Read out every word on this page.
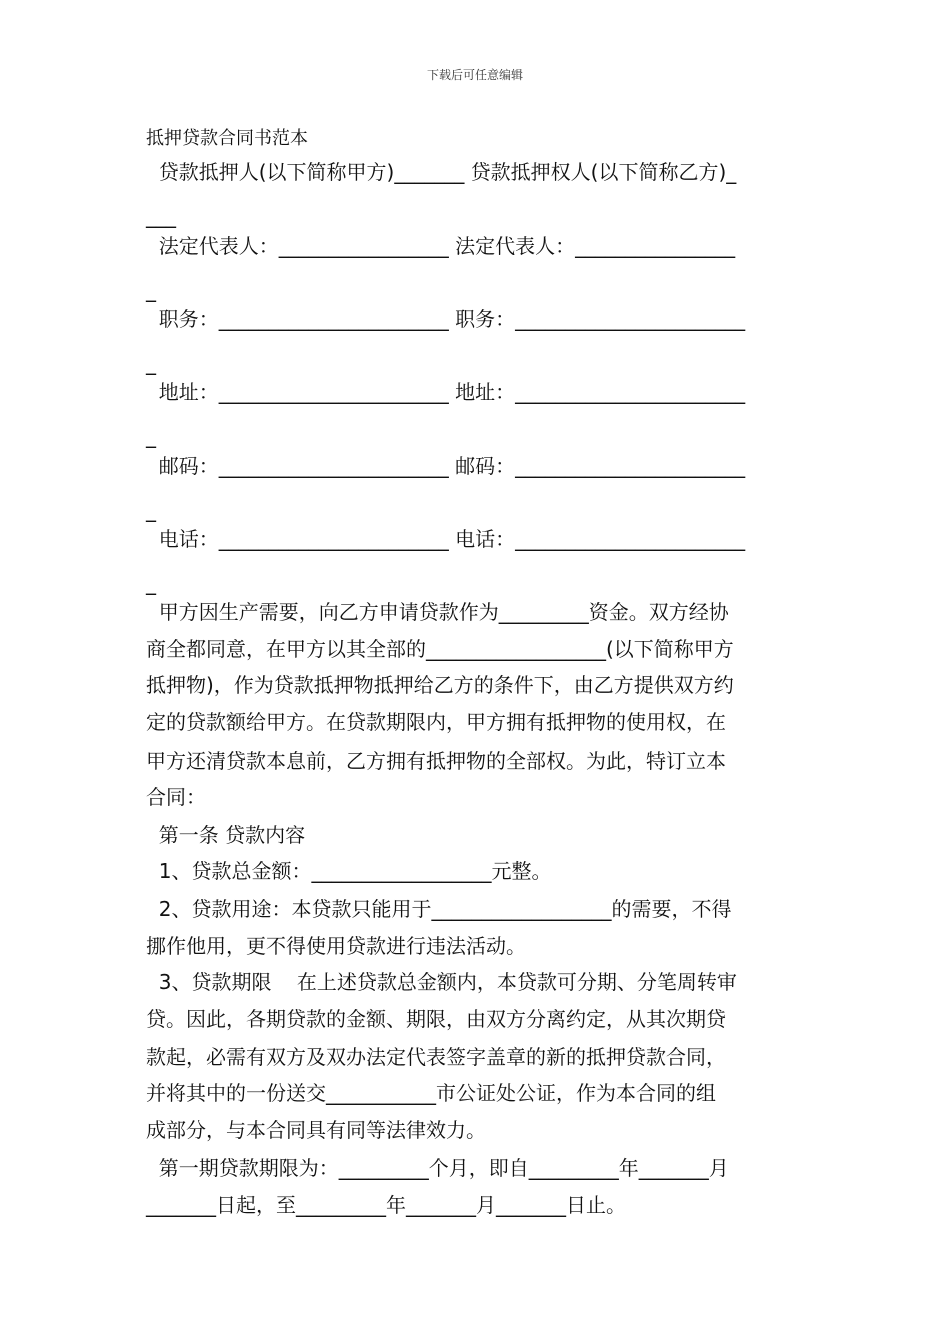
下载后可任意编辑
抵押贷款合同书范本
贷款抵押人(以下简称甲方)_______ 贷款抵押权人(以下简称乙方)_
___
法定代表人：_________________ 法定代表人：________________
_
职务：_______________________ 职务：_______________________
_
地址：_______________________ 地址：_______________________
_
邮码：_______________________ 邮码：_______________________
_
电话：_______________________ 电话：_______________________
_
甲方因生产需要，向乙方申请贷款作为_________资金。双方经协
商全都同意，在甲方以其全部的__________________(以下简称甲方
抵押物)，作为贷款抵押物抵押给乙方的条件下，由乙方提供双方约
定的贷款额给甲方。在贷款期限内，甲方拥有抵押物的使用权，在
甲方还清贷款本息前，乙方拥有抵押物的全部权。为此，特订立本
合同：
第一条 贷款内容
1、贷款总金额：__________________元整。
2、贷款用途：本贷款只能用于__________________的需要，不得
挪作他用，更不得使用贷款进行违法活动。
3、贷款期限    在上述贷款总金额内，本贷款可分期、分笔周转审
贷。因此，各期贷款的金额、期限，由双方分离约定，从其次期贷
款起，必需有双方及双办法定代表签字盖章的新的抵押贷款合同，
并将其中的一份送交___________市公证处公证，作为本合同的组
成部分，与本合同具有同等法律效力。
第一期贷款期限为：_________个月，即自_________年_______月
_______日起，至_________年_______月_______日止。
